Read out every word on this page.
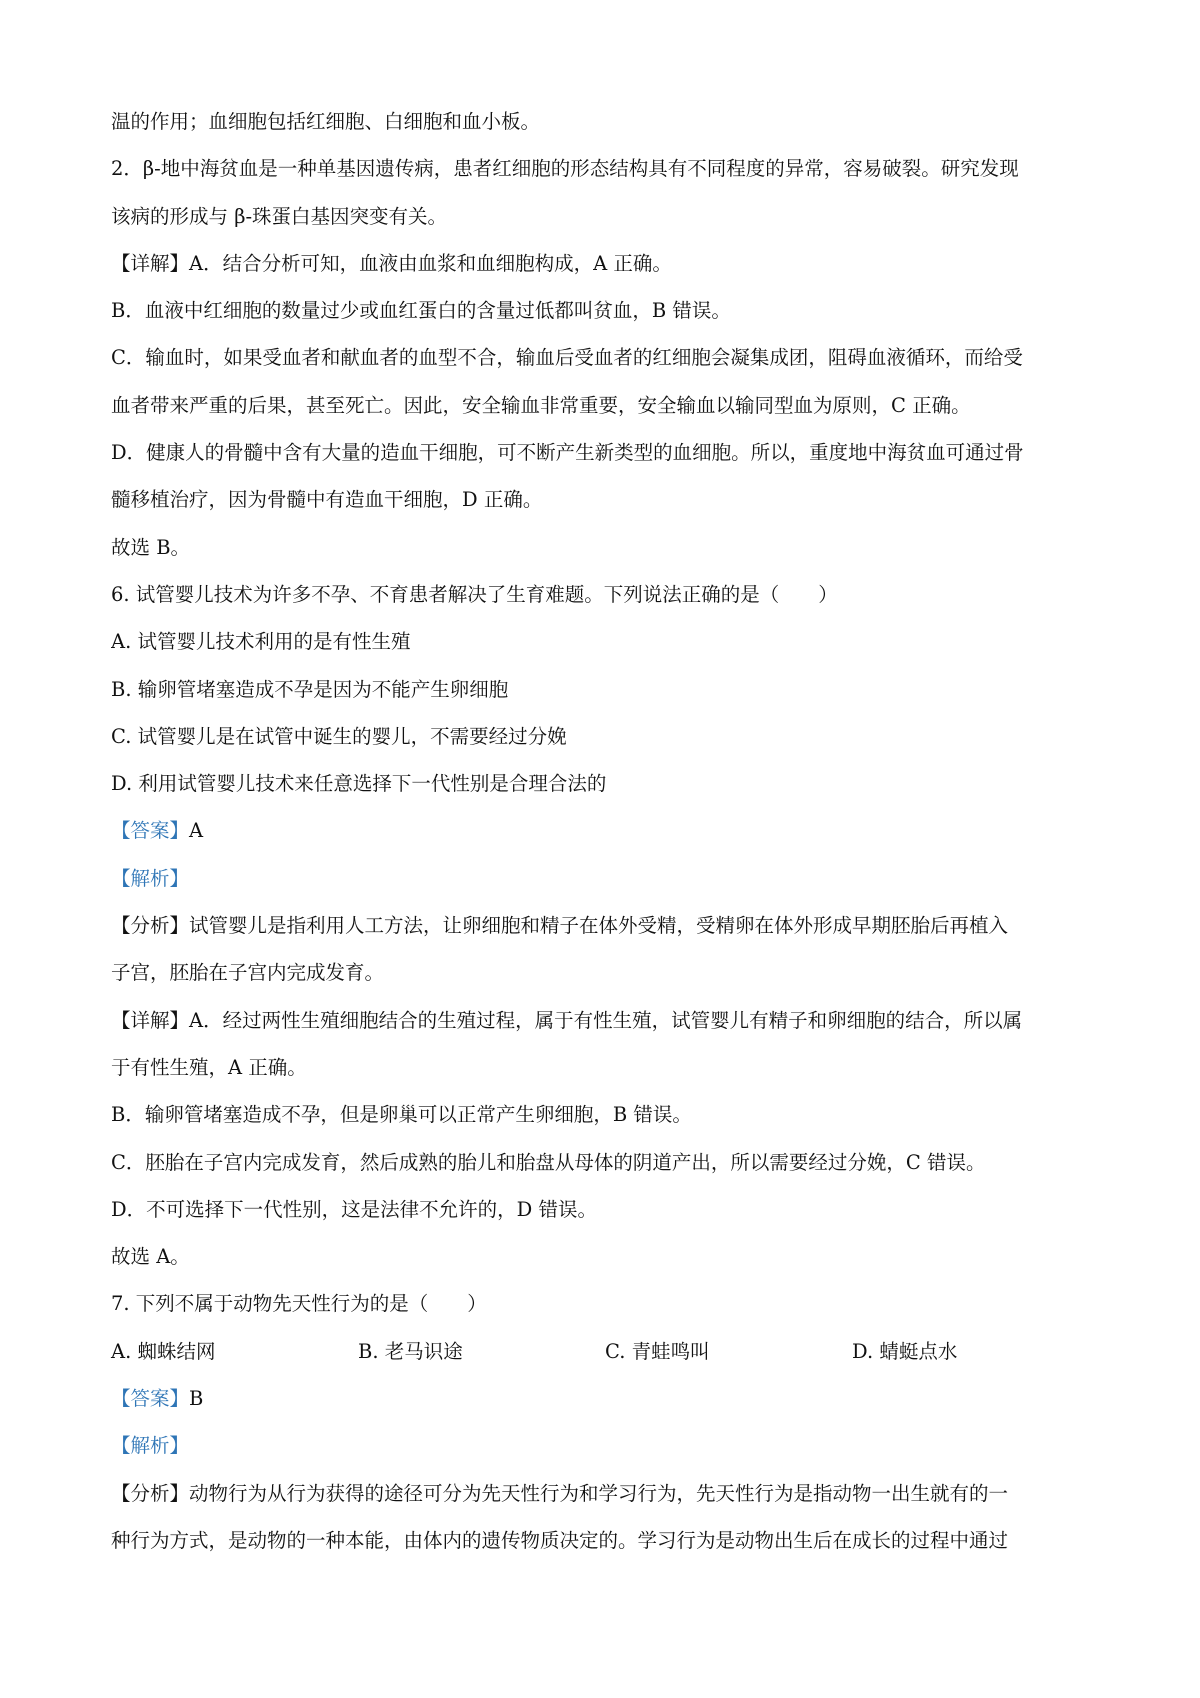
温的作用；血细胞包括红细胞、白细胞和血小板。
2．β-地中海贫血是一种单基因遗传病，患者红细胞的形态结构具有不同程度的异常，容易破裂。研究发现
该病的形成与 β-珠蛋白基因突变有关。
【详解】A．结合分析可知，血液由血浆和血细胞构成，A 正确。
B．血液中红细胞的数量过少或血红蛋白的含量过低都叫贫血，B 错误。
C．输血时，如果受血者和献血者的血型不合，输血后受血者的红细胞会凝集成团，阻碍血液循环，而给受
血者带来严重的后果，甚至死亡。因此，安全输血非常重要，安全输血以输同型血为原则，C 正确。
D．健康人的骨髓中含有大量的造血干细胞，可不断产生新类型的血细胞。所以，重度地中海贫血可通过骨
髓移植治疗，因为骨髓中有造血干细胞，D 正确。
故选 B。
6. 试管婴儿技术为许多不孕、不育患者解决了生育难题。下列说法正确的是（　　）
A. 试管婴儿技术利用的是有性生殖
B. 输卵管堵塞造成不孕是因为不能产生卵细胞
C. 试管婴儿是在试管中诞生的婴儿，不需要经过分娩
D. 利用试管婴儿技术来任意选择下一代性别是合理合法的
【答案】A
【解析】
【分析】试管婴儿是指利用人工方法，让卵细胞和精子在体外受精，受精卵在体外形成早期胚胎后再植入
子宫，胚胎在子宫内完成发育。
【详解】A．经过两性生殖细胞结合的生殖过程，属于有性生殖，试管婴儿有精子和卵细胞的结合，所以属
于有性生殖，A 正确。
B．输卵管堵塞造成不孕，但是卵巢可以正常产生卵细胞，B 错误。
C．胚胎在子宫内完成发育，然后成熟的胎儿和胎盘从母体的阴道产出，所以需要经过分娩，C 错误。
D．不可选择下一代性别，这是法律不允许的，D 错误。
故选 A。
7. 下列不属于动物先天性行为的是（　　）
A. 蜘蛛结网	B. 老马识途	C. 青蛙鸣叫	D. 蜻蜓点水
【答案】B
【解析】
【分析】动物行为从行为获得的途径可分为先天性行为和学习行为，先天性行为是指动物一出生就有的一
种行为方式，是动物的一种本能，由体内的遗传物质决定的。学习行为是动物出生后在成长的过程中通过
